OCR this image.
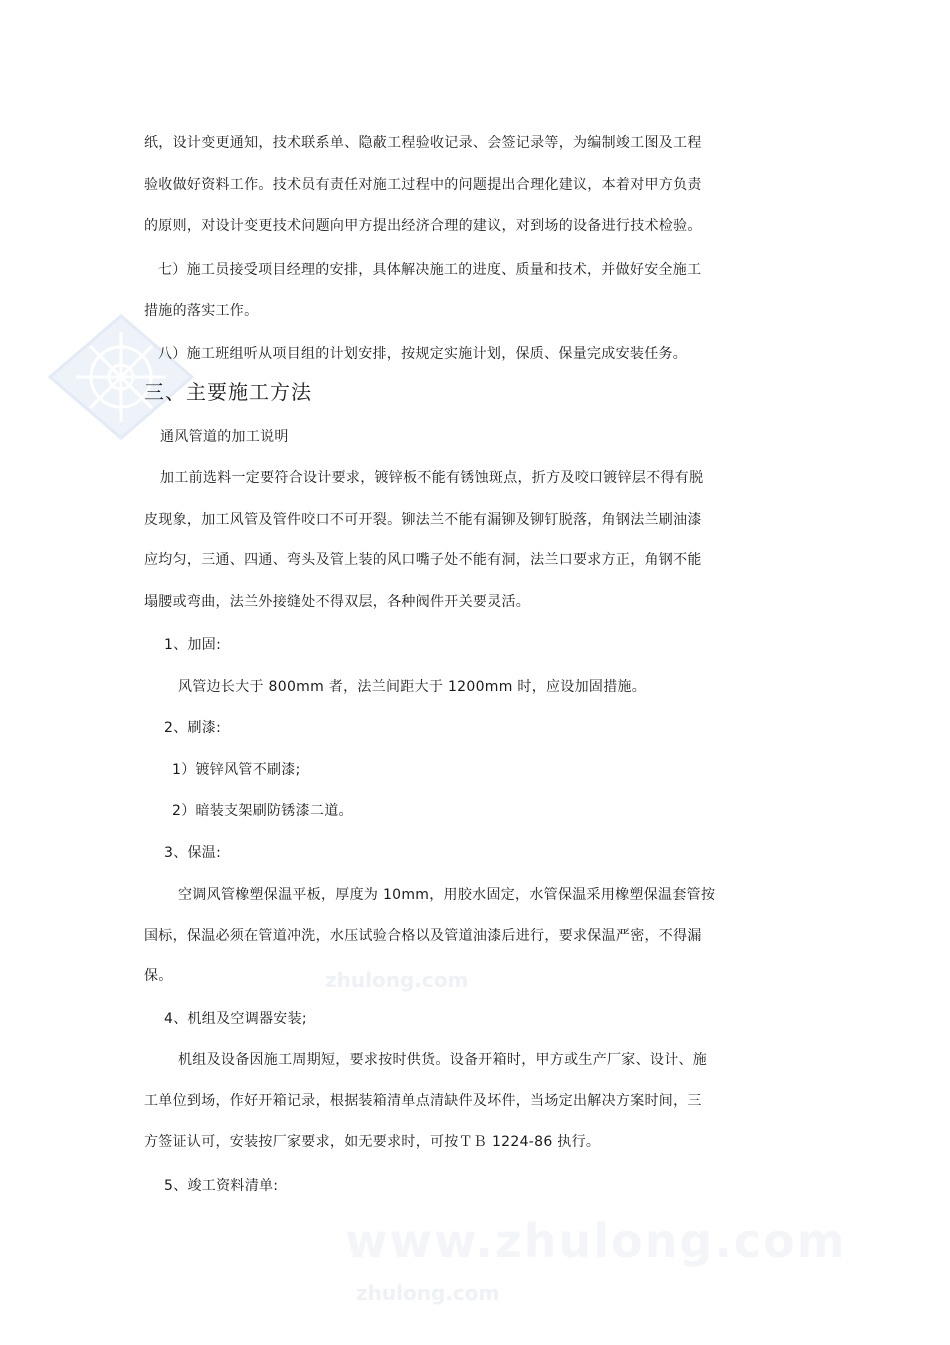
纸，设计变更通知，技术联系单、隐蔽工程验收记录、会签记录等，为编制竣工图及工程
验收做好资料工作。技术员有责任对施工过程中的问题提出合理化建议，本着对甲方负责
的原则，对设计变更技术问题向甲方提出经济合理的建议，对到场的设备进行技术检验。
七）施工员接受项目经理的安排，具体解决施工的进度、质量和技术，并做好安全施工
措施的落实工作。
八）施工班组听从项目组的计划安排，按规定实施计划，保质、保量完成安装任务。
三、主要施工方法
通风管道的加工说明
加工前选料一定要符合设计要求，镀锌板不能有锈蚀斑点，折方及咬口镀锌层不得有脱
皮现象，加工风管及管件咬口不可开裂。铆法兰不能有漏铆及铆钉脱落，角钢法兰刷油漆
应均匀，三通、四通、弯头及管上装的风口嘴子处不能有洞，法兰口要求方正，角钢不能
塌腰或弯曲，法兰外接缝处不得双层，各种阀件开关要灵活。
1、加固:
风管边长大于 800mm 者，法兰间距大于 1200mm 时，应设加固措施。
2、刷漆:
1）镀锌风管不刷漆;
2）暗装支架刷防锈漆二道。
3、保温:
空调风管橡塑保温平板，厚度为 10mm，用胶水固定，水管保温采用橡塑保温套管按
国标，保温必须在管道冲洗，水压试验合格以及管道油漆后进行，要求保温严密，不得漏
保。
4、机组及空调器安装;
机组及设备因施工周期短，要求按时供货。设备开箱时，甲方或生产厂家、设计、施
工单位到场，作好开箱记录，根据装箱清单点清缺件及坏件，当场定出解决方案时间，三
方签证认可，安装按厂家要求，如无要求时，可按ＴＢ 1224-86 执行。
5、竣工资料清单:
zhulong.com
www.zhulong.com
zhulong.com
